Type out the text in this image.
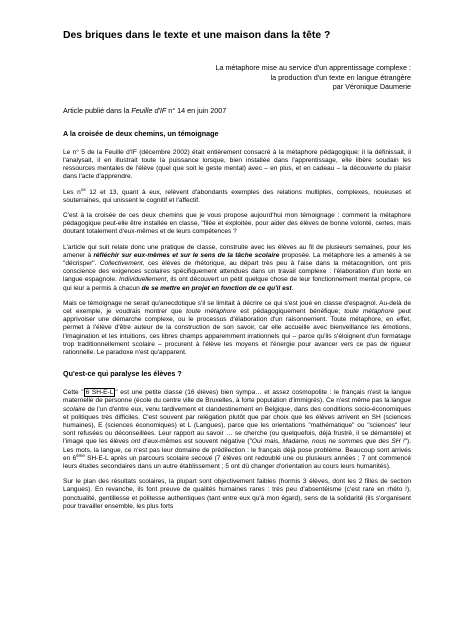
Des briques dans le texte et une maison dans la tête ?
La métaphore mise au service d'un apprentissage complexe :
la production d'un texte en langue étrangère
par Véronique Daumerie
Article publié dans la Feuille d'IF n° 14 en juin 2007
A la croisée de deux chemins, un témoignage

Le n° 5 de la Feuille d'IF (décembre 2002) était entièrement consacré à la métaphore pédagogique: il la définissait, il l'analysait, il en illustrait toute la puissance lorsque, bien installée dans l'apprentissage, elle libère soudain les ressources mentales de l'élève (quel que soit le geste mental) avec – en plus, et en cadeau – la découverte du plaisir dans l'acte d'apprendre.

Les $n^{os}$ 12 et 13, quant à eux, relèvent d'abondants exemples des relations multiples, complexes, noueuses et souterraines, qui unissent le cognitif et l'affectif.

C'est à la croisée de ces deux chemins que je vous propose aujourd'hui mon témoignage : comment la métaphore pédagogique peut-elle être installée en classe, "filée et exploitée, pour aider des élèves de bonne volonté, certes, mais doutant totalement d'eux-mêmes et de leurs compétences ?

L'article qui suit relate donc une pratique de classe, construite avec les élèves au fil de plusieurs semaines, pour les amener à réfléchir sur eux-mêmes et sur le sens de la tâche scolaire proposée. La métaphore les a amenés à se "décrisper". Collectivement, ces élèves de rhétorique, au départ très peu à l'aise dans la métacognition, ont pris conscience des exigences scolaires spécifiquement attendues dans un travail complexe : l'élaboration d'un texte en langue espagnole. Individuellement, ils ont découvert un petit quelque chose de leur fonctionnement mental propre, ce qui leur a permis à chacun de se mettre en projet en fonction de ce qu'il est.

Mais ce témoignage ne serait qu'anecdotique s'il se limitait à décrire ce qui s'est joué en classe d'espagnol. Au-delà de cet exemple, je voudrais montrer que toute métaphore est pédagogiquement bénéfique; toute métaphore peut apprivoiser une démarche complexe, ou le processus d'élaboration d'un raisonnement. Toute métaphore, en effet, permet à l'élève d'être auteur de la construction de son savoir, car elle accueille avec bienveillance les émotions, l'imagination et les intuitions, ces libres champs apparemment irrationnels qui – parce qu'ils s'éloignent d'un formatage trop traditionnellement scolaire – procurent à l'élève les moyens et l'énergie pour avancer vers ce pas de rigueur rationnelle. Le paradoxe n'est qu'apparent.

Qu'est-ce qui paralyse les élèves ?

Cette " 6 SH-E-L " est une petite classe (16 élèves) bien sympa… et assez cosmopolite : le français n'est la langue maternelle de personne (école du centre ville de Bruxelles, à forte population d'immigrés). Ce n'est même pas la langue scolaire de l'un d'entre eux, venu tardivement et clandestinement en Belgique, dans des conditions socio-économiques et politiques très difficiles. C'est souvent par relégation plutôt que par choix que les élèves arrivent en SH (sciences humaines), E (sciences économiques) et L (Langues), parce que les orientations "mathématique" ou "sciences" leur sont refusées ou déconseillées. Leur rapport au savoir … se cherche (ou quelquefois, déjà frustré, il se démantèle) et l'image que les élèves ont d'eux-mêmes est souvent négative ("Oui mais, Madame, nous ne sommes que des SH !"). Les mots, la langue, ce n'est pas leur domaine de prédilection : le français déjà pose problème. Beaucoup sont arrivés en 6ème SH-E-L après un parcours scolaire secoué (7 élèves ont redoublé une ou plusieurs années ; 7 ont commencé leurs études secondaires dans un autre établissement ; 5 ont dû changer d'orientation au cours leurs humanités).

Sur le plan des résultats scolaires, la plupart sont objectivement faibles (hormis 3 élèves, dont les 2 filles de section Langues). En revanche, ils font preuve de qualités humaines rares : très peu d'absentéisme (c'est rare en rhéto !), ponctualité, gentillesse et politesse authentiques (tant entre eux qu'à mon égard), sens de la solidarité (ils s'organisent pour travailler ensemble, les plus forts
